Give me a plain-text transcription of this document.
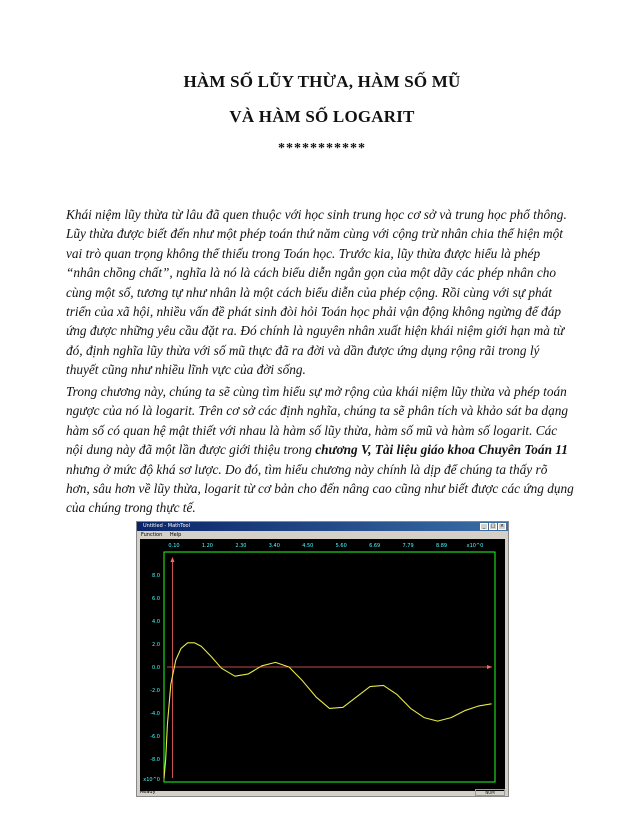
HÀM SỐ LŨY THỪA, HÀM SỐ MŨ
VÀ HÀM SỐ LOGARIT
***********
Khái niệm lũy thừa từ lâu đã quen thuộc với học sinh trung học cơ sở và trung học phổ thông. Lũy thừa được biết đến như một phép toán thứ năm cùng với cộng trừ nhân chia thể hiện một vai trò quan trọng không thể thiếu trong Toán học. Trước kia, lũy thừa được hiểu là phép “nhân chồng chất”, nghĩa là nó là cách biểu diễn ngắn gọn của một dãy các phép nhân cho cùng một số, tương tự như nhân là một cách biểu diễn của phép cộng. Rồi cùng với sự phát triển của xã hội, nhiều vấn đề phát sinh đòi hỏi Toán học phải vận động không ngừng để đáp ứng được những yêu cầu đặt ra. Đó chính là nguyên nhân xuất hiện khái niệm giới hạn mà từ đó, định nghĩa lũy thừa với số mũ thực đã ra đời và dần được ứng dụng rộng rãi trong lý thuyết cũng như nhiều lĩnh vực của đời sống.
Trong chương này, chúng ta sẽ cùng tìm hiểu sự mở rộng của khái niệm lũy thừa và phép toán ngược của nó là logarit. Trên cơ sở các định nghĩa, chúng ta sẽ phân tích và khảo sát ba dạng hàm số có quan hệ mật thiết với nhau là hàm số lũy thừa, hàm số mũ và hàm số logarit. Các nội dung này đã một lần được giới thiệu trong chương V, Tài liệu giáo khoa Chuyên Toán 11 nhưng ở mức độ khá sơ lược. Do đó, tìm hiểu chương này chính là dịp để chúng ta thấy rõ hơn, sâu hơn về lũy thừa, logarit từ cơ bản cho đến nâng cao cũng như biết được các ứng dụng của chúng trong thực tế.
Untitled - MathTool	_	□ ×
Function Help
0.10	1.20	2.30	3.40	4.50	5.60	6.69	7.79	8.89	x10^0
8.0
6.0
4.0
2.0
0.0
-2.0
-4.0
-6.0
-8.0
x10^0
Ready	NUM
